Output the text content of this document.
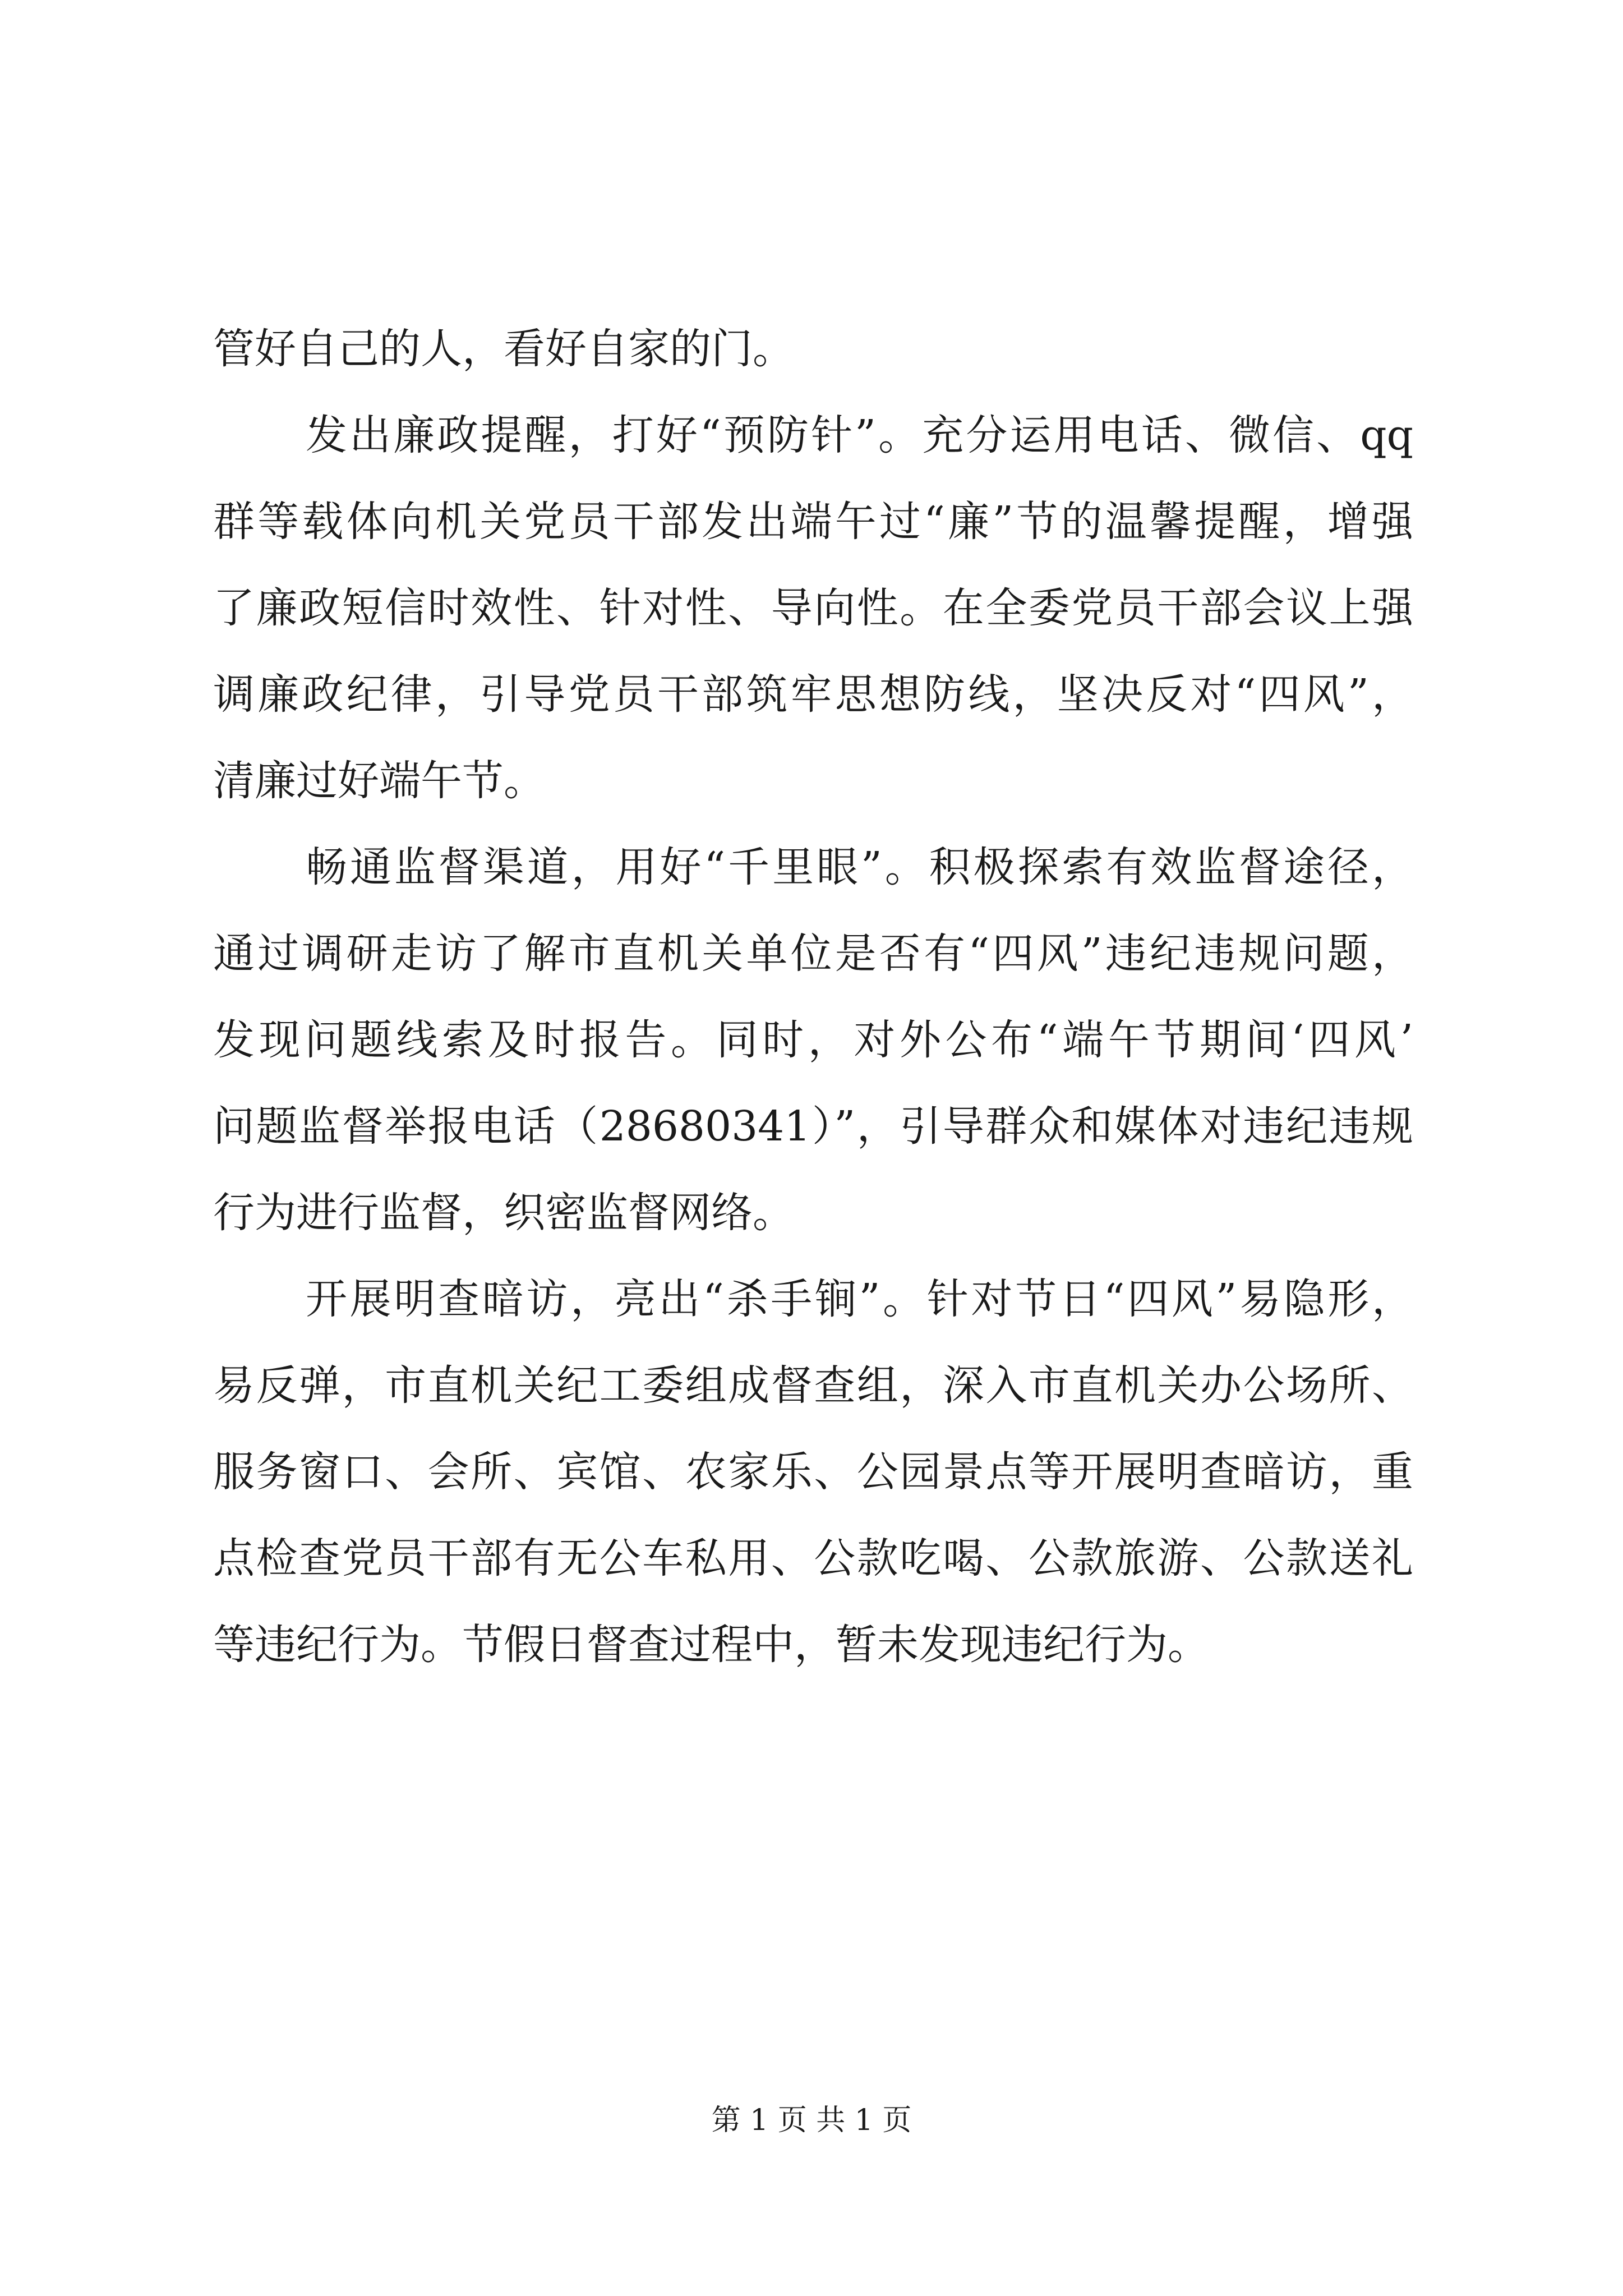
管好自己的人，看好自家的门。
发出廉政提醒，打好“预防针”。充分运用电话、微信、qq
群等载体向机关党员干部发出端午过“廉”节的温馨提醒，增强
了廉政短信时效性、针对性、导向性。在全委党员干部会议上强
调廉政纪律，引导党员干部筑牢思想防线，坚决反对“四风”，
清廉过好端午节。
畅通监督渠道，用好“千里眼”。积极探索有效监督途径，
通过调研走访了解市直机关单位是否有“四风”违纪违规问题，
发现问题线索及时报告。同时，对外公布“端午节期间‘四风’
问题监督举报电话（28680341）”，引导群众和媒体对违纪违规
行为进行监督，织密监督网络。
开展明查暗访，亮出“杀手锏”。针对节日“四风”易隐形，
易反弹，市直机关纪工委组成督查组，深入市直机关办公场所、
服务窗口、会所、宾馆、农家乐、公园景点等开展明查暗访，重
点检查党员干部有无公车私用、公款吃喝、公款旅游、公款送礼
等违纪行为。节假日督查过程中，暂未发现违纪行为。
第 1 页 共 1 页
